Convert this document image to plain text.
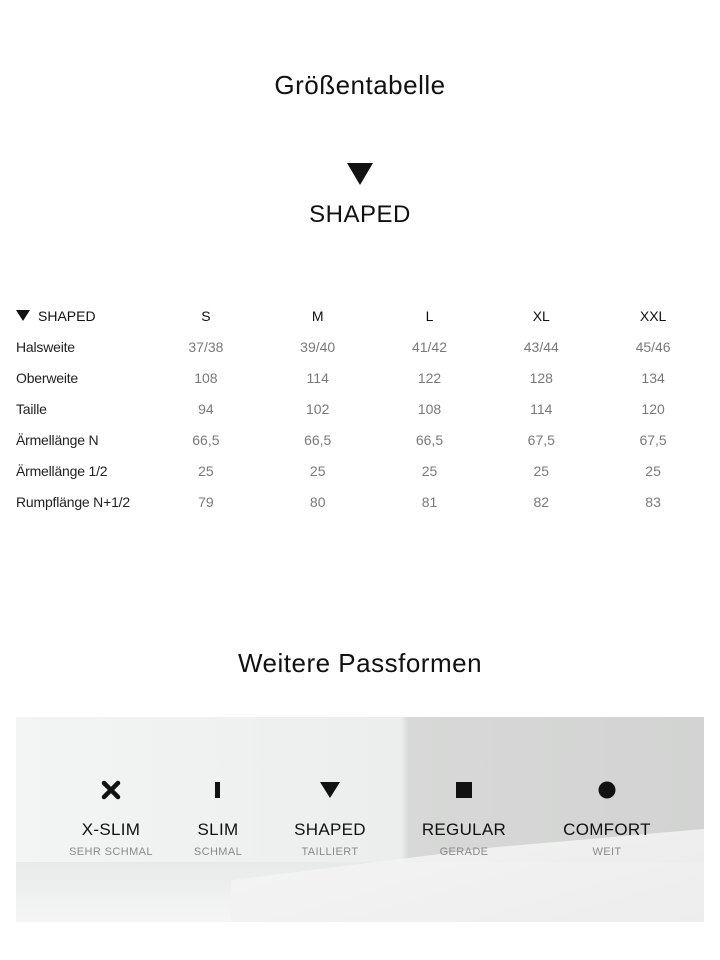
Größentabelle
SHAPED
SHAPED	S	M	L	XL	XXL
Halsweite	37/38	39/40	41/42	43/44	45/46
Oberweite	108	114	122	128	134
Taille	94	102	108	114	120
Ärmellänge N	66,5	66,5	66,5	67,5	67,5
Ärmellänge 1/2	25	25	25	25	25
Rumpflänge N+1/2	79	80	81	82	83
Weitere Passformen
X-SLIM
SEHR SCHMAL
SLIM
SCHMAL
SHAPED
TAILLIERT
REGULAR
GERADE
COMFORT
WEIT
